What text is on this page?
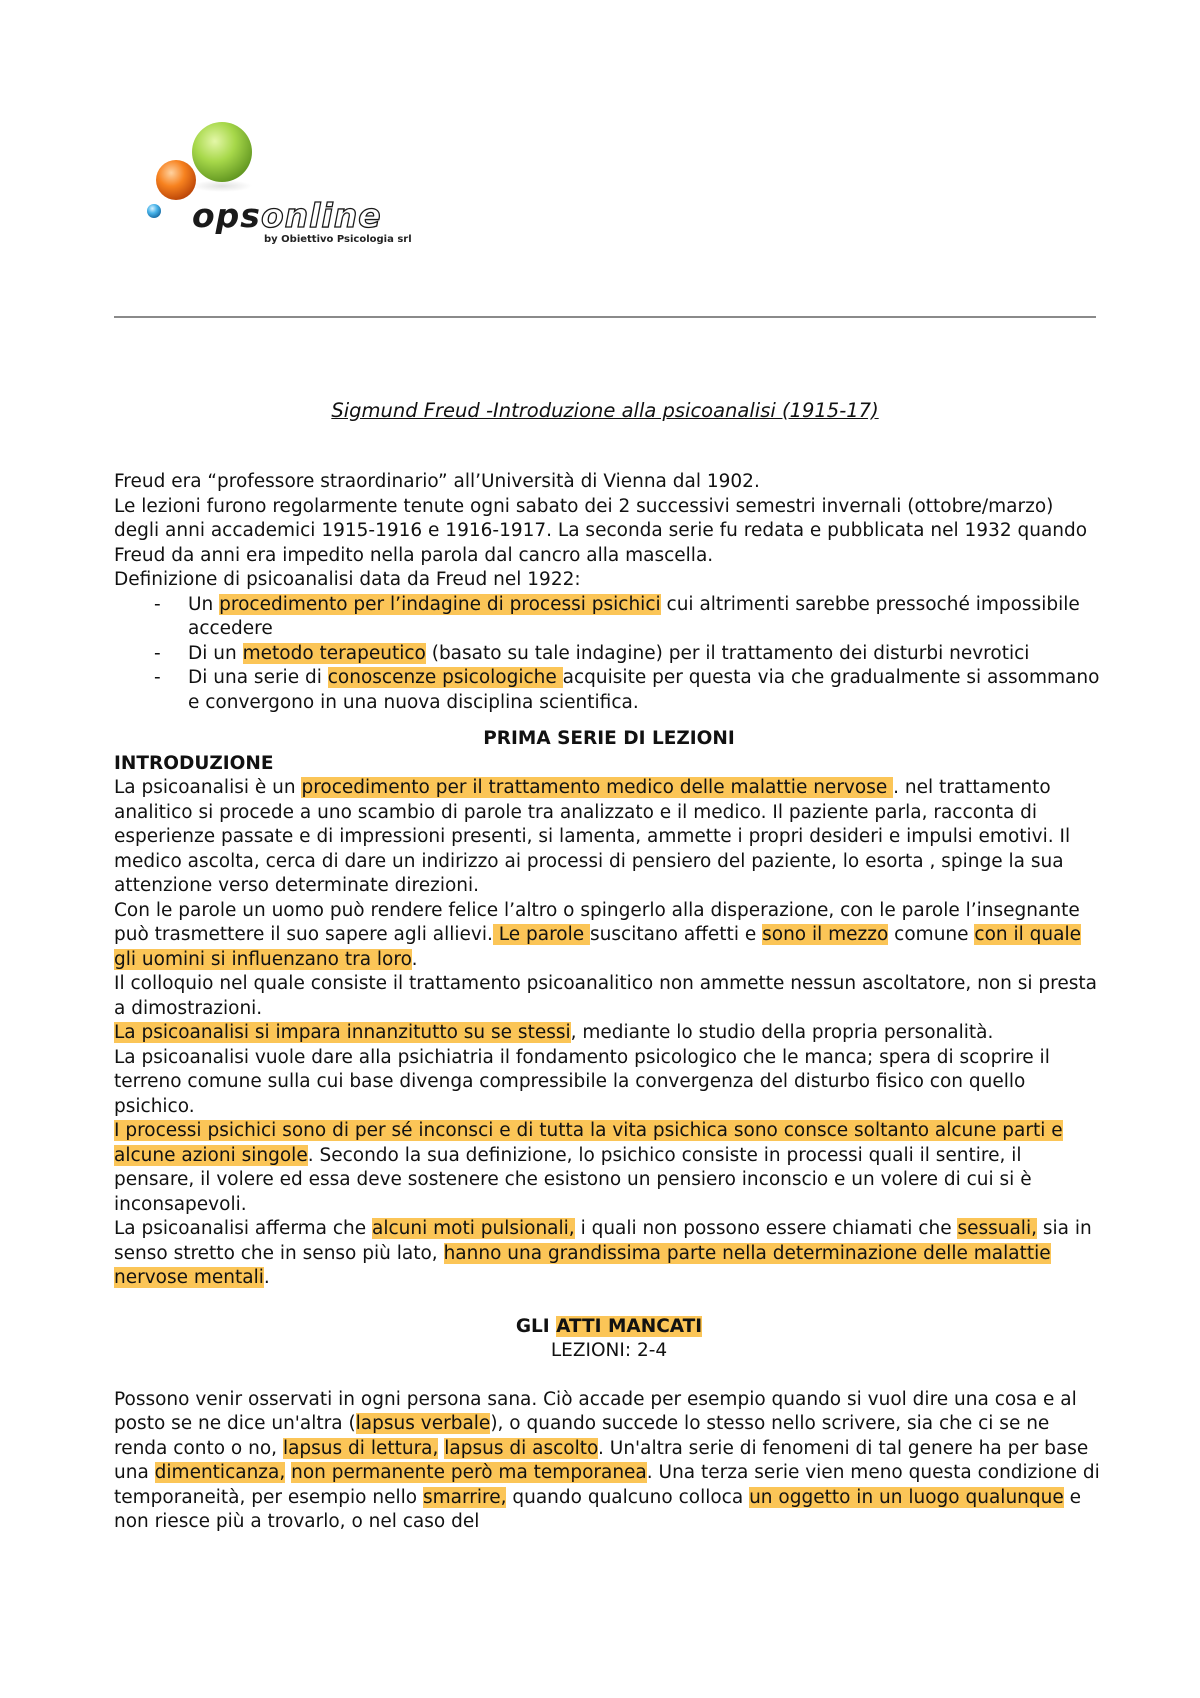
opsonline
by Obiettivo Psicologia srl
Sigmund Freud -Introduzione alla psicoanalisi (1915-17)

Freud era “professore straordinario” all’Università di Vienna dal 1902.

Le lezioni furono regolarmente tenute ogni sabato dei 2 successivi semestri invernali (ottobre/marzo) degli anni accademici 1915-1916 e 1916-1917. La seconda serie fu redata e pubblicata nel 1932 quando Freud da anni era impedito nella parola dal cancro alla mascella.

Definizione di psicoanalisi data da Freud nel 1922:

- Un procedimento per l’indagine di processi psichici cui altrimenti sarebbe pressoché impossibile accedere
- Di un metodo terapeutico (basato su tale indagine) per il trattamento dei disturbi nevrotici
- Di una serie di conoscenze psicologiche acquisite per questa via che gradualmente si assommano e convergono in una nuova disciplina scientifica.

PRIMA SERIE DI LEZIONI

INTRODUZIONE

La psicoanalisi è un procedimento per il trattamento medico delle malattie nervose . nel trattamento analitico si procede a uno scambio di parole tra analizzato e il medico. Il paziente parla, racconta di esperienze passate e di impressioni presenti, si lamenta, ammette i propri desideri e impulsi emotivi. Il medico ascolta, cerca di dare un indirizzo ai processi di pensiero del paziente, lo esorta , spinge la sua attenzione verso determinate direzioni.

Con le parole un uomo può rendere felice l’altro o spingerlo alla disperazione, con le parole l’insegnante può trasmettere il suo sapere agli allievi. Le parole suscitano affetti e sono il mezzo comune con il quale gli uomini si influenzano tra loro.

Il colloquio nel quale consiste il trattamento psicoanalitico non ammette nessun ascoltatore, non si presta a dimostrazioni.

La psicoanalisi si impara innanzitutto su se stessi, mediante lo studio della propria personalità.

La psicoanalisi vuole dare alla psichiatria il fondamento psicologico che le manca; spera di scoprire il terreno comune sulla cui base divenga compressibile la convergenza del disturbo fisico con quello psichico.

I processi psichici sono di per sé inconsci e di tutta la vita psichica sono consce soltanto alcune parti e alcune azioni singole. Secondo la sua definizione, lo psichico consiste in processi quali il sentire, il pensare, il volere ed essa deve sostenere che esistono un pensiero inconscio e un volere di cui si è inconsapevoli.

La psicoanalisi afferma che alcuni moti pulsionali, i quali non possono essere chiamati che sessuali, sia in senso stretto che in senso più lato, hanno una grandissima parte nella determinazione delle malattie nervose mentali.

GLI ATTI MANCATI

LEZIONI: 2-4

Possono venir osservati in ogni persona sana. Ciò accade per esempio quando si vuol dire una cosa e al posto se ne dice un'altra (lapsus verbale), o quando succede lo stesso nello scrivere, sia che ci se ne renda conto o no, lapsus di lettura, lapsus di ascolto. Un'altra serie di fenomeni di tal genere ha per base una dimenticanza, non permanente però ma temporanea. Una terza serie vien meno questa condizione di temporaneità, per esempio nello smarrire, quando qualcuno colloca un oggetto in un luogo qualunque e non riesce più a trovarlo, o nel caso del
